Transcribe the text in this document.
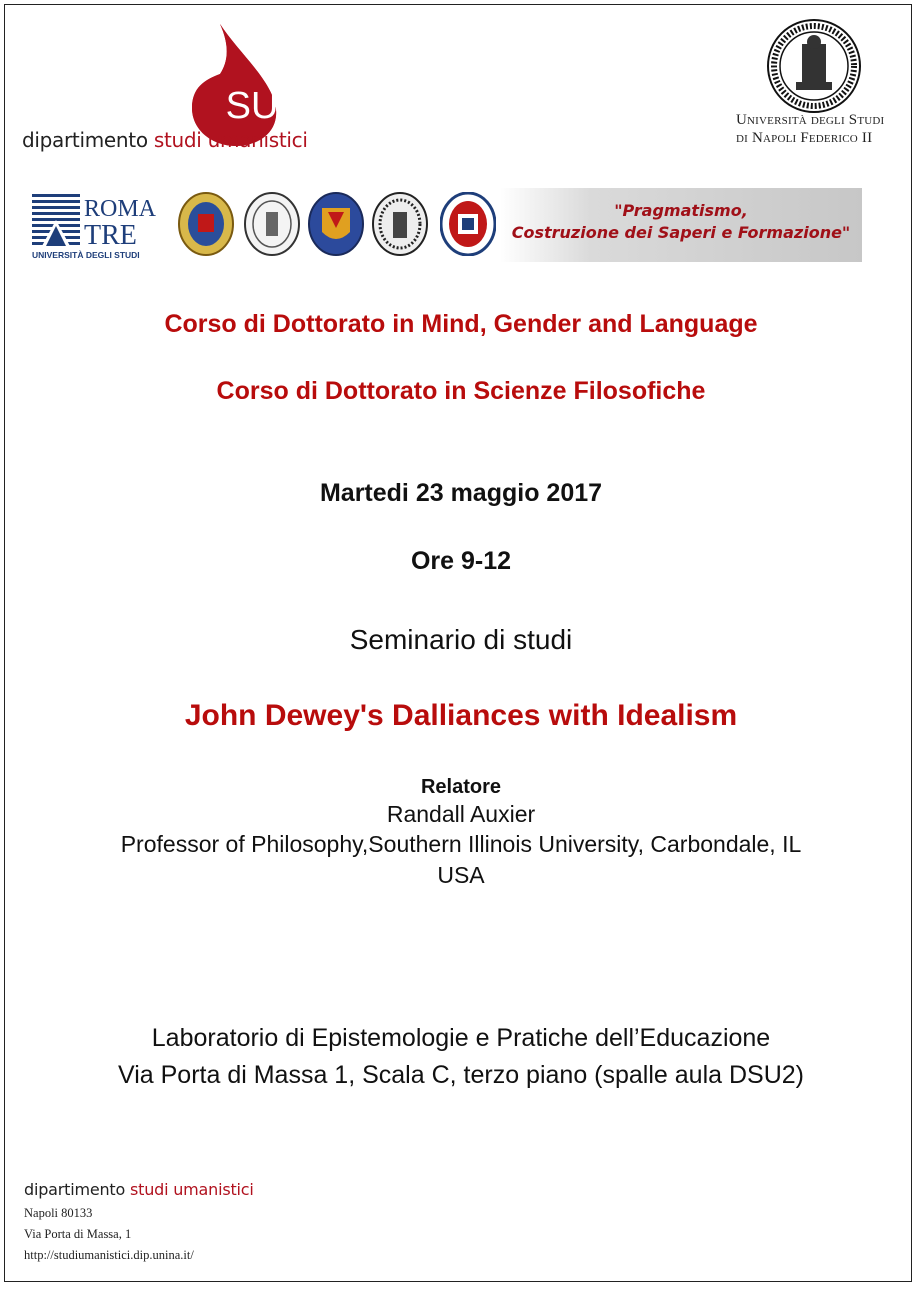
SU
dipartimento studi umanistici
Università degli Studi
di Napoli Federico II
ROMA
TRE
UNIVERSITÀ DEGLI STUDI
"Pragmatismo,
Costruzione dei Saperi e Formazione"
Corso di Dottorato in Mind, Gender and Language
Corso di Dottorato in Scienze Filosofiche
Martedi 23 maggio 2017
Ore 9-12
Seminario di studi
John Dewey's Dalliances with Idealism
Relatore
Randall Auxier
Professor of Philosophy,Southern Illinois University, Carbondale, IL
USA
Laboratorio di Epistemologie e Pratiche dell’Educazione
Via Porta di Massa 1, Scala C, terzo piano (spalle aula DSU2)
dipartimento studi umanistici
Napoli 80133
Via Porta di Massa, 1
http://studiumanistici.dip.unina.it/
